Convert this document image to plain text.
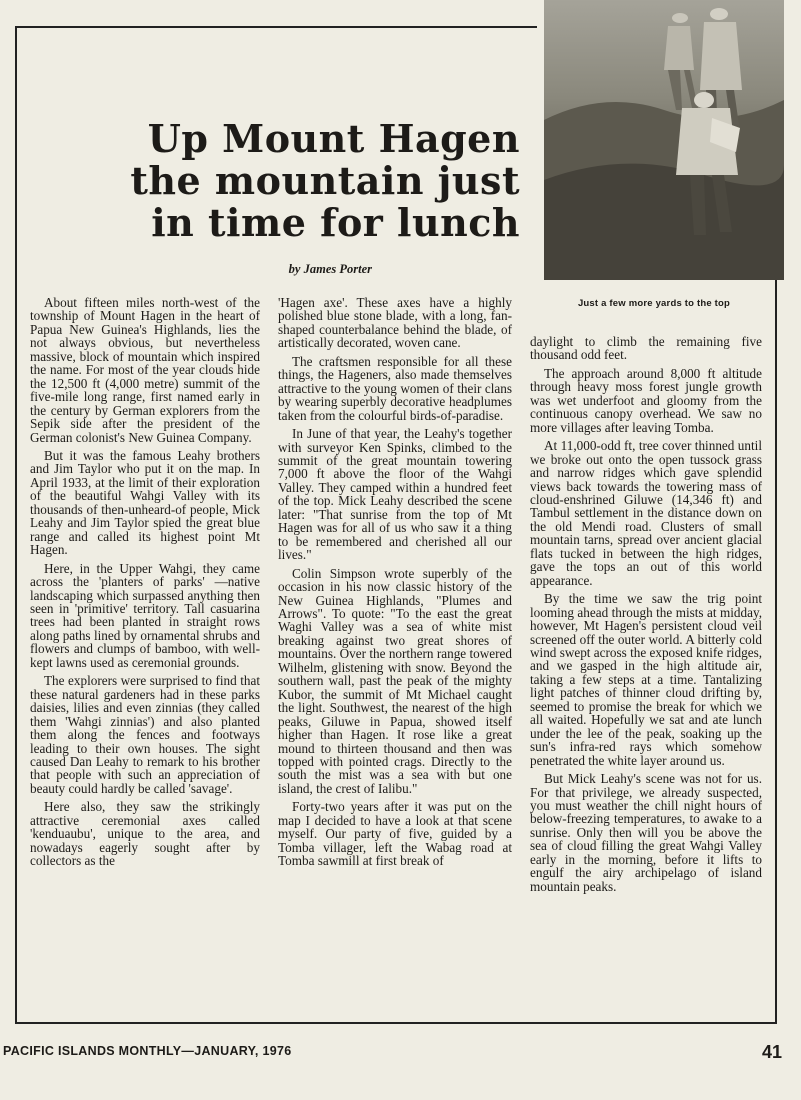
Just a few more yards to the top
Up Mount Hagen
the mountain just
in time for lunch
by James Porter

About fifteen miles north-west of the township of Mount Hagen in the heart of Papua New Guinea's Highlands, lies the not always obvious, but nevertheless massive, block of mountain which inspired the name. For most of the year clouds hide the 12,500 ft (4,000 metre) summit of the five-mile long range, first named early in the century by German explorers from the Sepik side after the president of the German colonist's New Guinea Company.

But it was the famous Leahy brothers and Jim Taylor who put it on the map. In April 1933, at the limit of their exploration of the beautiful Wahgi Valley with its thousands of then-unheard-of people, Mick Leahy and Jim Taylor spied the great blue range and called its highest point Mt Hagen.

Here, in the Upper Wahgi, they came across the 'planters of parks' —native landscaping which surpassed anything then seen in 'primitive' territory. Tall casuarina trees had been planted in straight rows along paths lined by ornamental shrubs and flowers and clumps of bamboo, with well-kept lawns used as ceremonial grounds.

The explorers were surprised to find that these natural gardeners had in these parks daisies, lilies and even zinnias (they called them 'Wahgi zinnias') and also planted them along the fences and footways leading to their own houses. The sight caused Dan Leahy to remark to his brother that people with such an appreciation of beauty could hardly be called 'savage'.

Here also, they saw the strikingly attractive ceremonial axes called 'kenduaubu', unique to the area, and nowadays eagerly sought after by collectors as the

'Hagen axe'. These axes have a highly polished blue stone blade, with a long, fan-shaped counterbalance behind the blade, of artistically decorated, woven cane.

The craftsmen responsible for all these things, the Hageners, also made themselves attractive to the young women of their clans by wearing superbly decorative headplumes taken from the colourful birds-of-paradise.

In June of that year, the Leahy's together with surveyor Ken Spinks, climbed to the summit of the great mountain towering 7,000 ft above the floor of the Wahgi Valley. They camped within a hundred feet of the top. Mick Leahy described the scene later: "That sunrise from the top of Mt Hagen was for all of us who saw it a thing to be remembered and cherished all our lives."

Colin Simpson wrote superbly of the occasion in his now classic history of the New Guinea Highlands, "Plumes and Arrows". To quote: "To the east the great Waghi Valley was a sea of white mist breaking against two great shores of mountains. Over the northern range towered Wilhelm, glistening with snow. Beyond the southern wall, past the peak of the mighty Kubor, the summit of Mt Michael caught the light. Southwest, the nearest of the high peaks, Giluwe in Papua, showed itself higher than Hagen. It rose like a great mound to thirteen thousand and then was topped with pointed crags. Directly to the south the mist was a sea with but one island, the crest of Ialibu."

Forty-two years after it was put on the map I decided to have a look at that scene myself. Our party of five, guided by a Tomba villager, left the Wabag road at Tomba sawmill at first break of

daylight to climb the remaining five thousand odd feet.

The approach around 8,000 ft altitude through heavy moss forest jungle growth was wet underfoot and gloomy from the continuous canopy overhead. We saw no more villages after leaving Tomba.

At 11,000-odd ft, tree cover thinned until we broke out onto the open tussock grass and narrow ridges which gave splendid views back towards the towering mass of cloud-enshrined Giluwe (14,346 ft) and Tambul settlement in the distance down on the old Mendi road. Clusters of small mountain tarns, spread over ancient glacial flats tucked in between the high ridges, gave the tops an out of this world appearance.

By the time we saw the trig point looming ahead through the mists at midday, however, Mt Hagen's persistent cloud veil screened off the outer world. A bitterly cold wind swept across the exposed knife ridges, and we gasped in the high altitude air, taking a few steps at a time. Tantalizing light patches of thinner cloud drifting by, seemed to promise the break for which we all waited. Hopefully we sat and ate lunch under the lee of the peak, soaking up the sun's infra-red rays which somehow penetrated the white layer around us.

But Mick Leahy's scene was not for us. For that privilege, we already suspected, you must weather the chill night hours of below-freezing temperatures, to awake to a sunrise. Only then will you be above the sea of cloud filling the great Wahgi Valley early in the morning, before it lifts to engulf the airy archipelago of island mountain peaks.

PACIFIC ISLANDS MONTHLY—JANUARY, 1976	41
